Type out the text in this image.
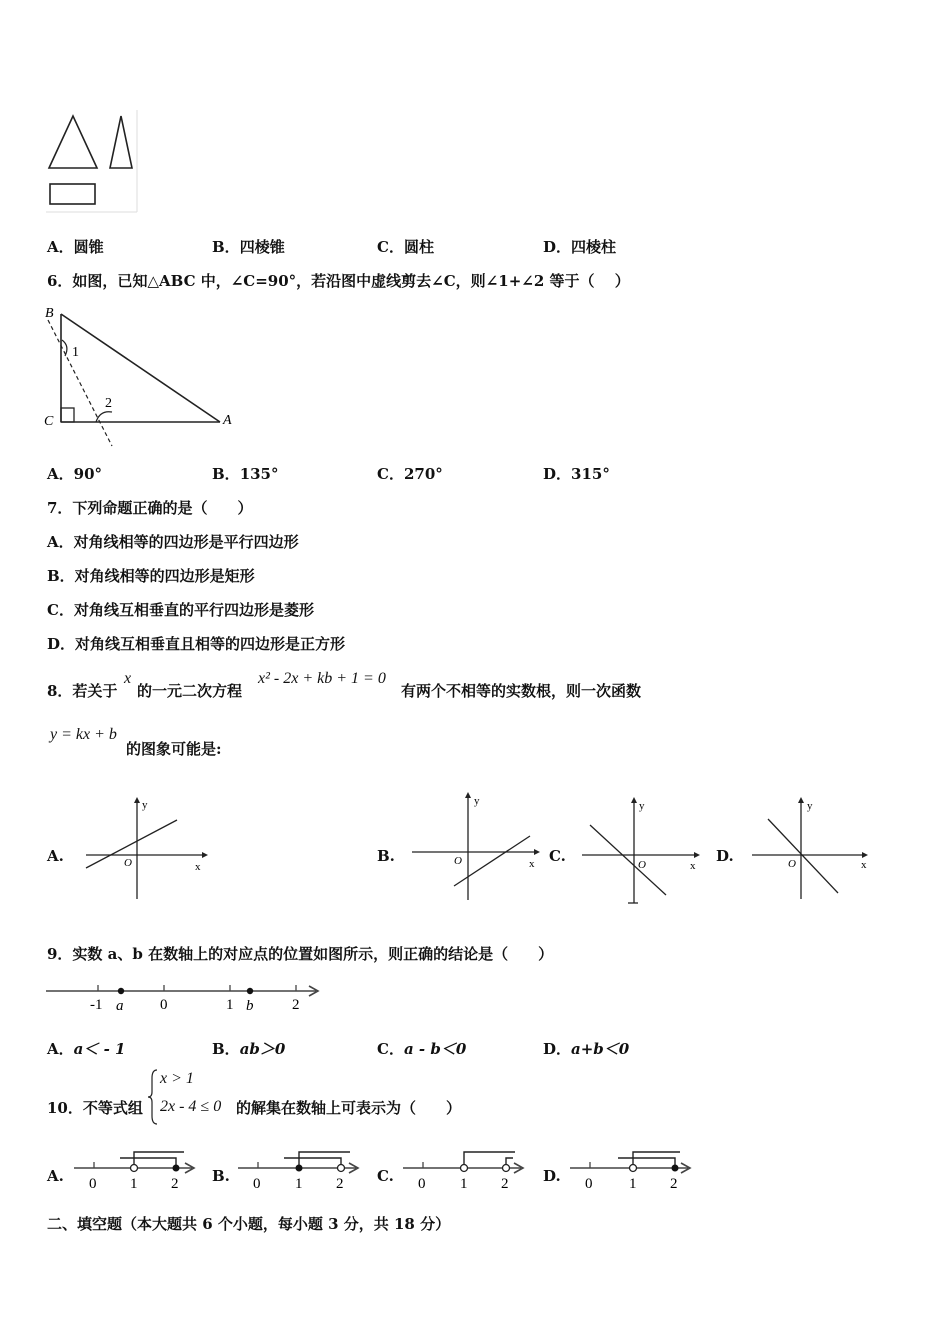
A．圆锥	B．四棱锥	C．圆柱	D．四棱柱
6．如图，已知△ABC 中，∠C=90°，若沿图中虚线剪去∠C，则∠1+∠2 等于（　 ）
B
C	A
1
2
A．90°	B．135°	C．270°	D．315°
7．下列命题正确的是（　　）
A．对角线相等的四边形是平行四边形
B．对角线相等的四边形是矩形
C．对角线互相垂直的平行四边形是菱形
D．对角线互相垂直且相等的四边形是正方形
8．若关于
x
的一元二次方程
x² - 2x + kb + 1 = 0
有两个不相等的实数根，则一次函数
y = kx + b
的图象可能是:
A.	B.	C.	D.
y
x
O
y
x
O
y
x
O
y
x
O
9．实数 a、b 在数轴上的对应点的位置如图所示，则正确的结论是（　　）
-1	0	1	2
a	b
A．a＜ - 1	B．ab＞0	C．a - b＜0	D．a+b＜0
10．不等式组
x > 1
2x - 4 ≤ 0 的解集在数轴上可表示为（　　）
A.	B.	C.	D.
0 1 2	0 1 2	0 1 2	0 1 2
二、填空题（本大题共 6 个小题，每小题 3 分，共 18 分）
